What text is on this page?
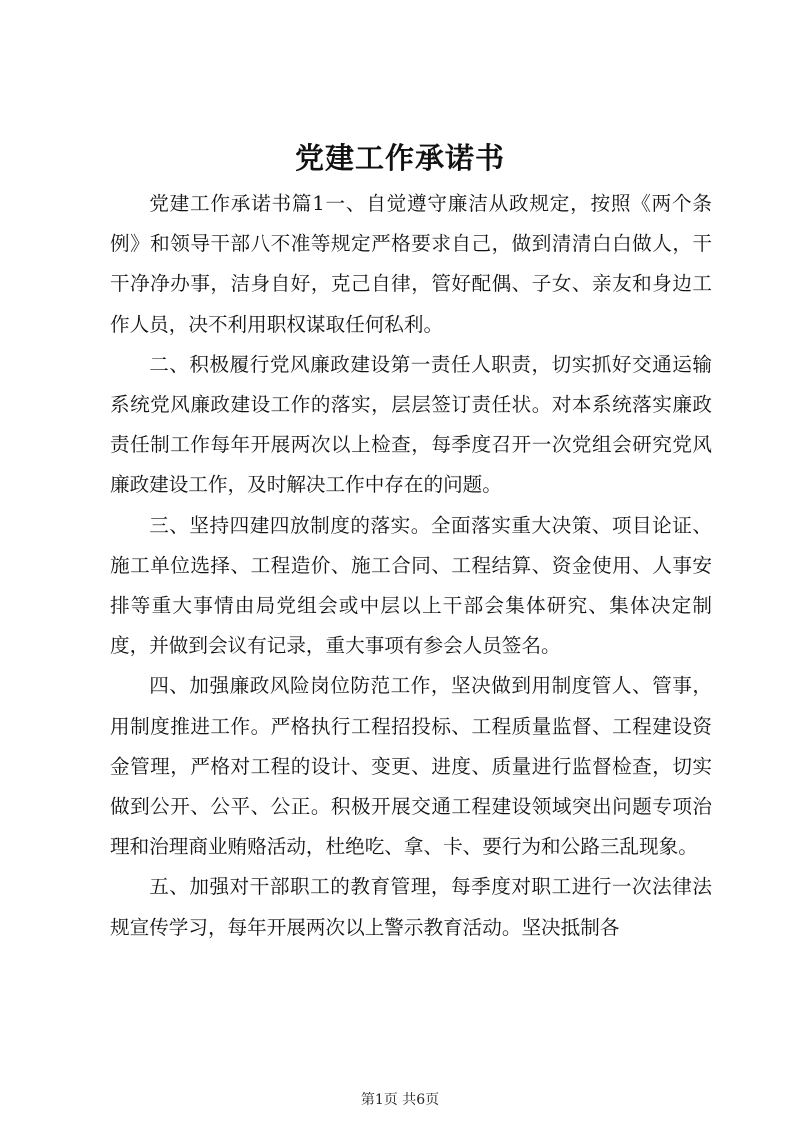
党建工作承诺书

党建工作承诺书篇1一、自觉遵守廉洁从政规定，按照《两个条例》和领导干部八不准等规定严格要求自己，做到清清白白做人，干干净净办事，洁身自好，克己自律，管好配偶、子女、亲友和身边工作人员，决不利用职权谋取任何私利。

二、积极履行党风廉政建设第一责任人职责，切实抓好交通运输系统党风廉政建设工作的落实，层层签订责任状。对本系统落实廉政责任制工作每年开展两次以上检查，每季度召开一次党组会研究党风廉政建设工作，及时解决工作中存在的问题。

三、坚持四建四放制度的落实。全面落实重大决策、项目论证、施工单位选择、工程造价、施工合同、工程结算、资金使用、人事安排等重大事情由局党组会或中层以上干部会集体研究、集体决定制度，并做到会议有记录，重大事项有参会人员签名。

四、加强廉政风险岗位防范工作，坚决做到用制度管人、管事，用制度推进工作。严格执行工程招投标、工程质量监督、工程建设资金管理，严格对工程的设计、变更、进度、质量进行监督检查，切实做到公开、公平、公正。积极开展交通工程建设领域突出问题专项治理和治理商业贿赂活动，杜绝吃、拿、卡、要行为和公路三乱现象。

五、加强对干部职工的教育管理，每季度对职工进行一次法律法规宣传学习，每年开展两次以上警示教育活动。坚决抵制各

第1页 共6页
